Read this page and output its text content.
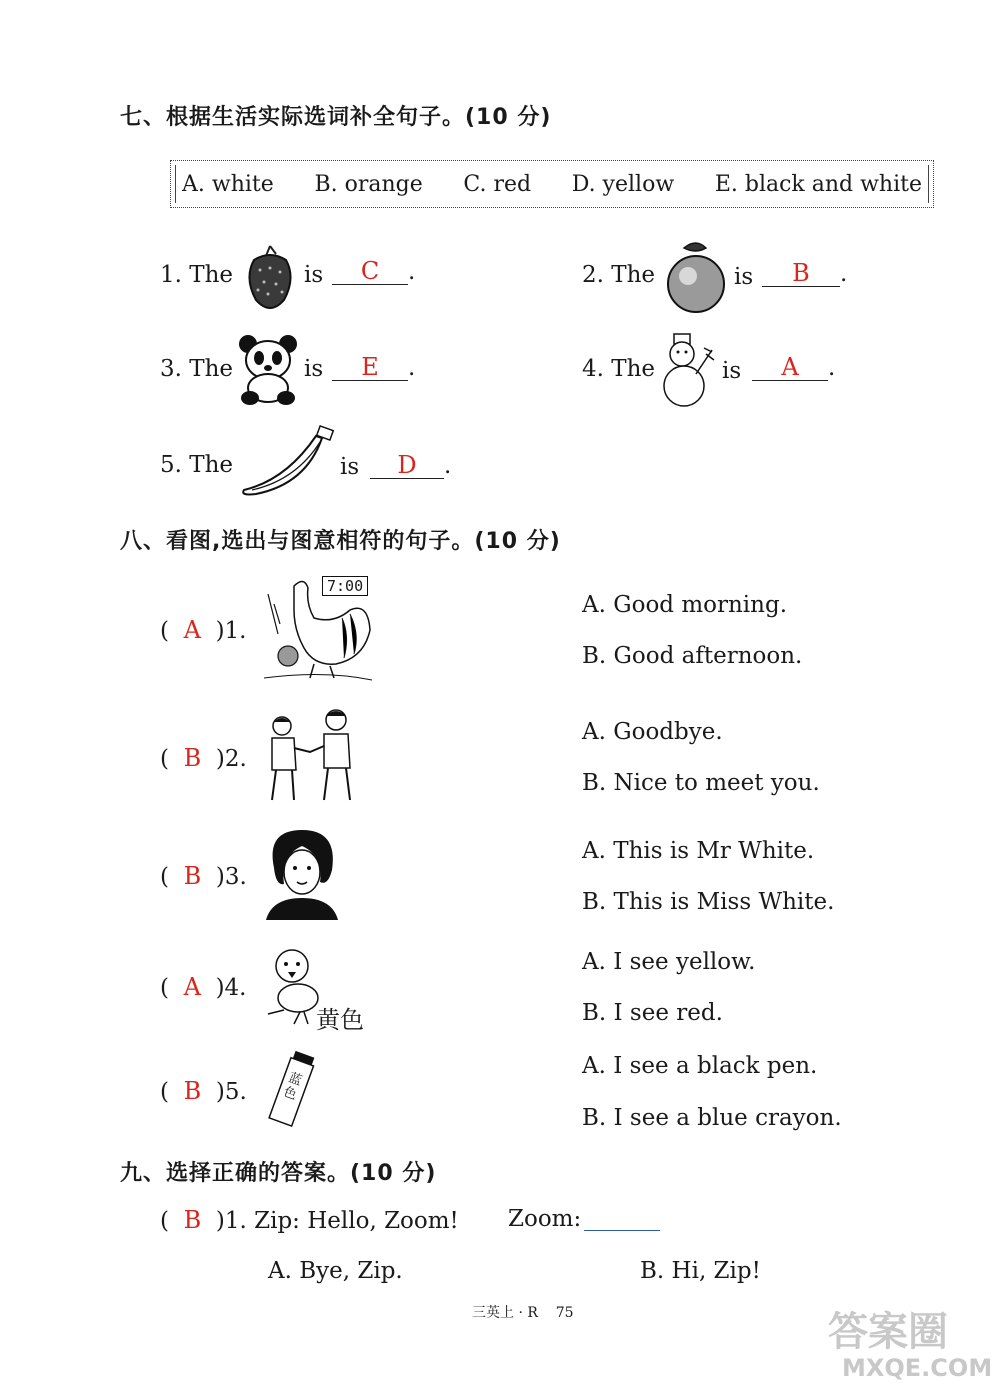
七、根据生活实际选词补全句子。(10 分)
A. white B. orange C. red D. yellow E. black and white
1. The	is	C .	2. The	is	B .
3. The	is	E .	4. The	is	A .
5. The	is	D .
八、看图,选出与图意相符的句子。(10 分)
(  A )1.
7:00
A. Good morning.
B. Good afternoon.
(  B )2.
A. Goodbye.
B. Nice to meet you.
(  B )3.
A. This is Mr White.
B. This is Miss White.
(  A )4.
黄色
A. I see yellow.
B. I see red.
(  B )5.	蓝色
A. I see a black pen.
B. I see a blue crayon.
九、选择正确的答案。(10 分)
(  B )1. Zip: Hello, Zoom! Zoom:
A. Bye, Zip.	B. Hi, Zip!
三英上 · R 75	答案圈
MXQE.COM
